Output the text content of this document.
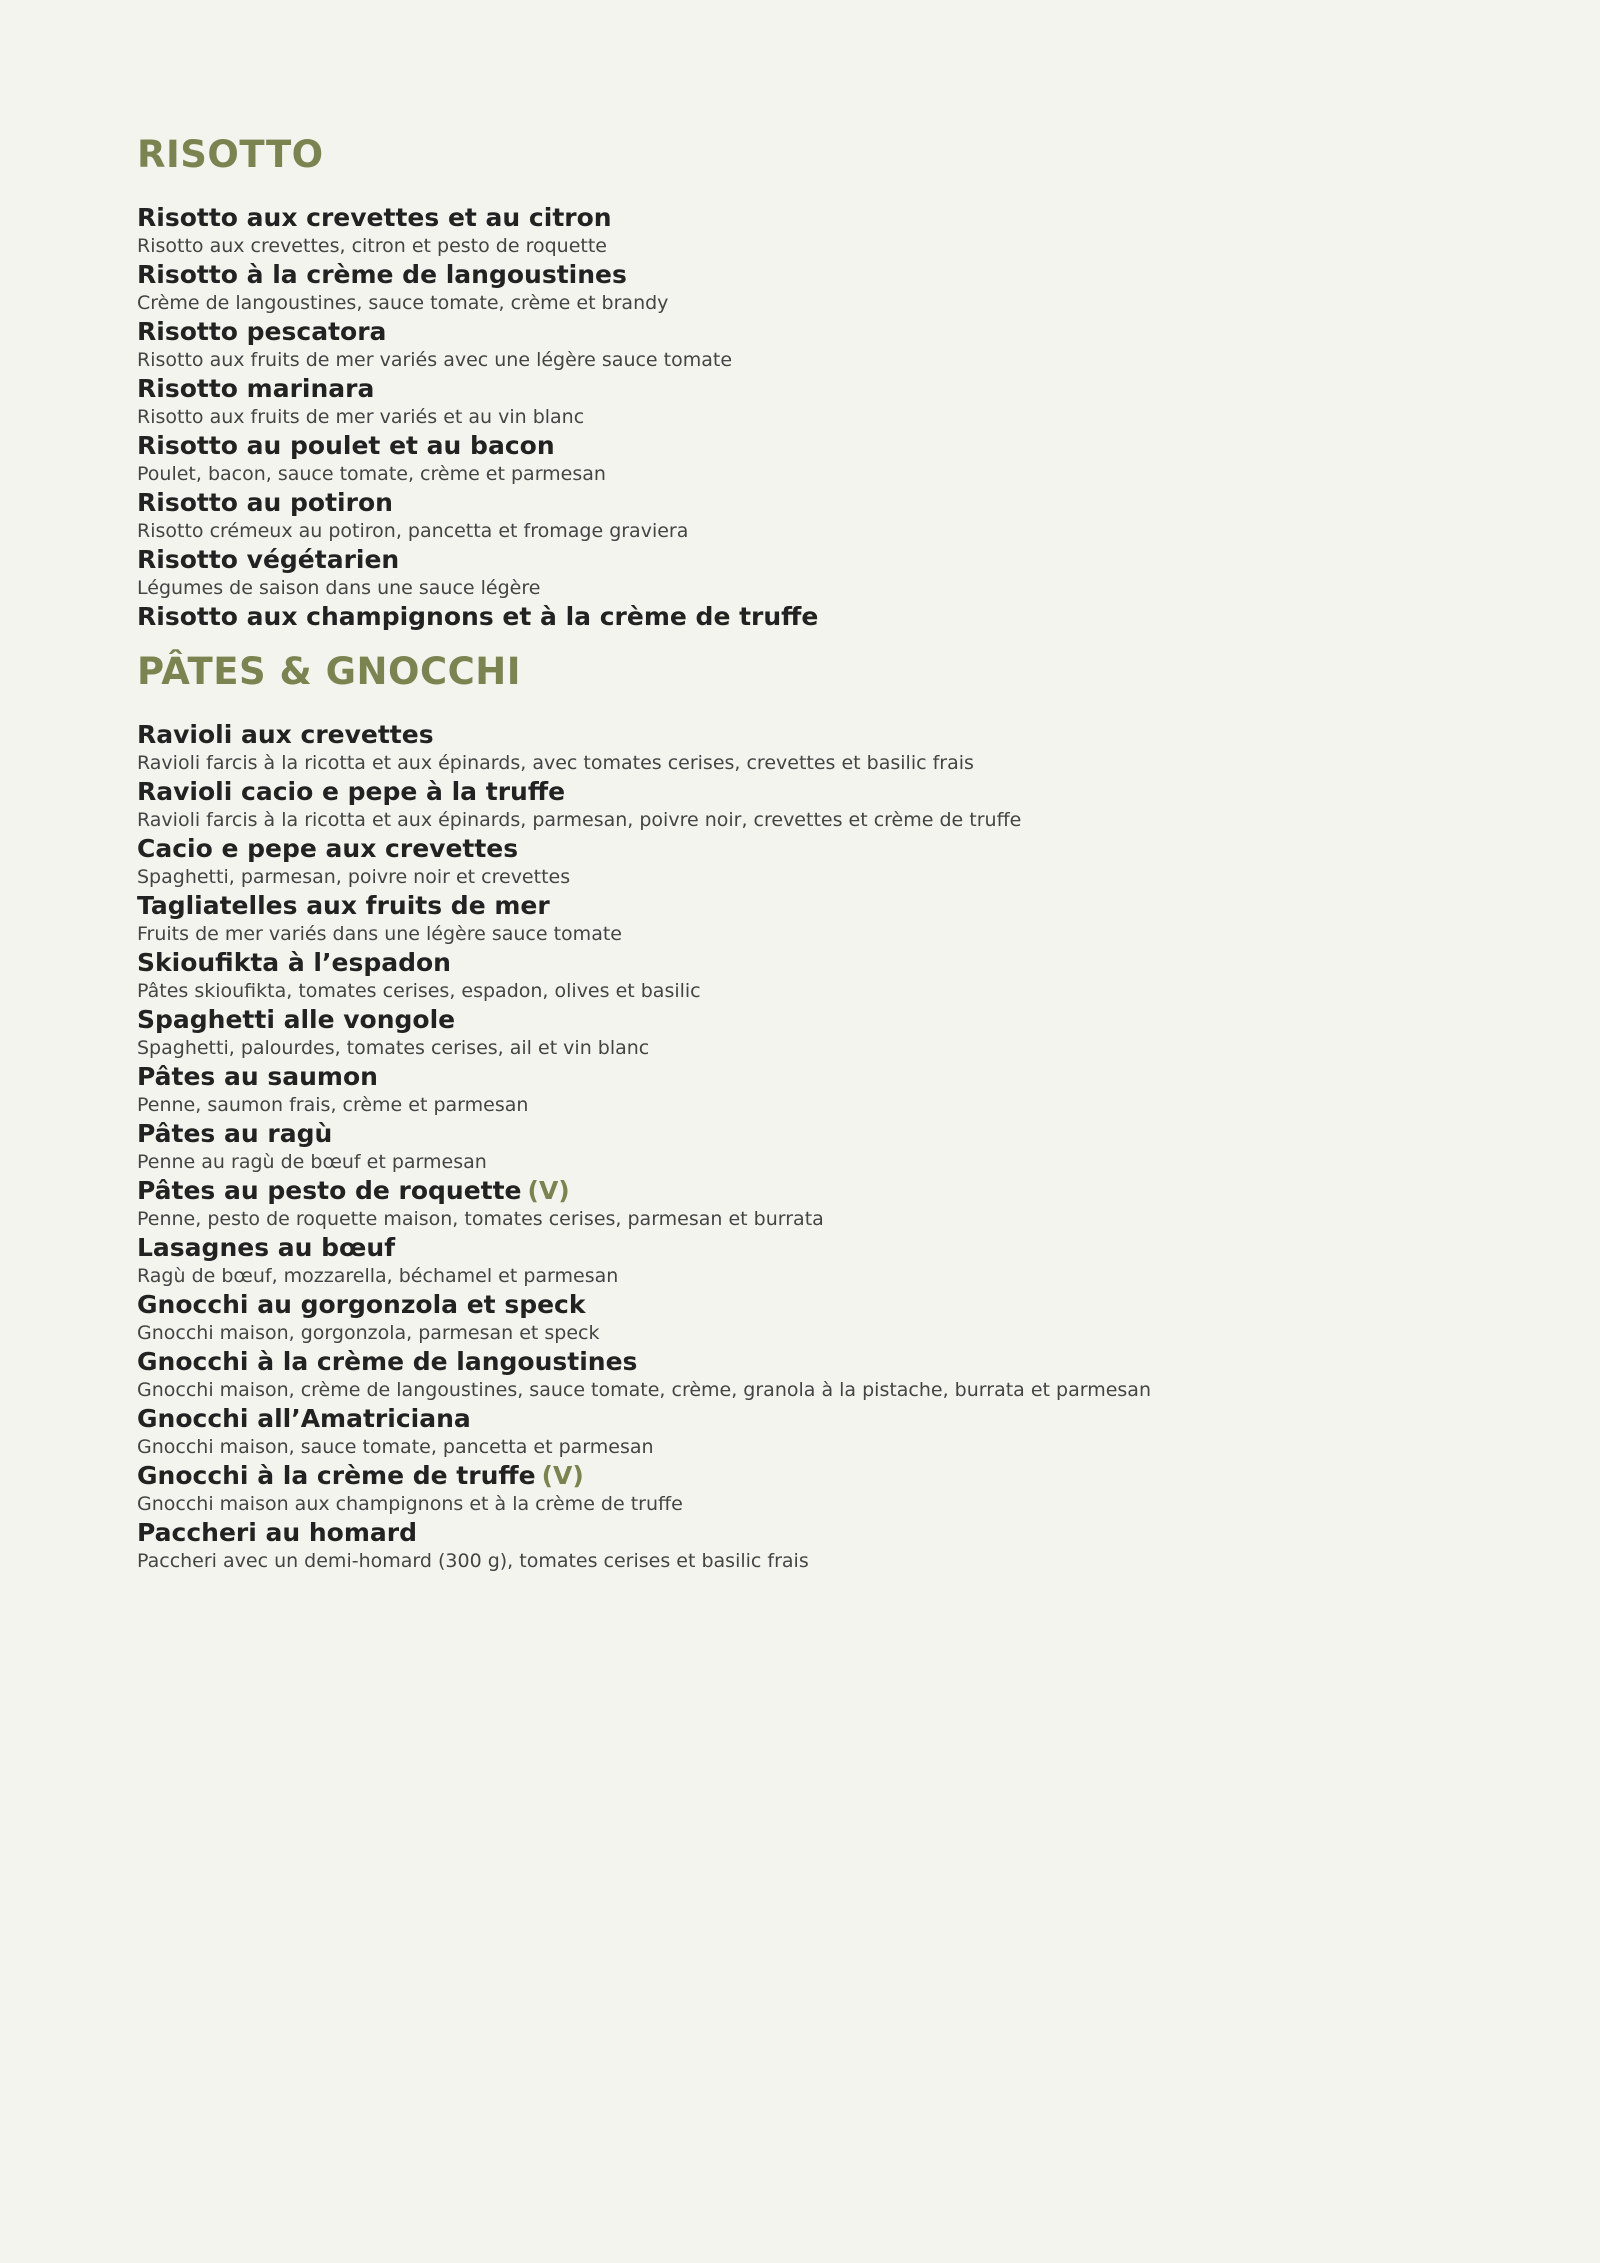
RISOTTO
Risotto aux crevettes et au citron
Risotto aux crevettes, citron et pesto de roquette
Risotto à la crème de langoustines
Crème de langoustines, sauce tomate, crème et brandy
Risotto pescatora
Risotto aux fruits de mer variés avec une légère sauce tomate
Risotto marinara
Risotto aux fruits de mer variés et au vin blanc
Risotto au poulet et au bacon
Poulet, bacon, sauce tomate, crème et parmesan
Risotto au potiron
Risotto crémeux au potiron, pancetta et fromage graviera
Risotto végétarien
Légumes de saison dans une sauce légère
Risotto aux champignons et à la crème de truffe
PÂTES & GNOCCHI
Ravioli aux crevettes
Ravioli farcis à la ricotta et aux épinards, avec tomates cerises, crevettes et basilic frais
Ravioli cacio e pepe à la truffe
Ravioli farcis à la ricotta et aux épinards, parmesan, poivre noir, crevettes et crème de truffe
Cacio e pepe aux crevettes
Spaghetti, parmesan, poivre noir et crevettes
Tagliatelles aux fruits de mer
Fruits de mer variés dans une légère sauce tomate
Skioufikta à l’espadon
Pâtes skioufikta, tomates cerises, espadon, olives et basilic
Spaghetti alle vongole
Spaghetti, palourdes, tomates cerises, ail et vin blanc
Pâtes au saumon
Penne, saumon frais, crème et parmesan
Pâtes au ragù
Penne au ragù de bœuf et parmesan
Pâtes au pesto de roquette (V)
Penne, pesto de roquette maison, tomates cerises, parmesan et burrata
Lasagnes au bœuf
Ragù de bœuf, mozzarella, béchamel et parmesan
Gnocchi au gorgonzola et speck
Gnocchi maison, gorgonzola, parmesan et speck
Gnocchi à la crème de langoustines
Gnocchi maison, crème de langoustines, sauce tomate, crème, granola à la pistache, burrata et parmesan
Gnocchi all’Amatriciana
Gnocchi maison, sauce tomate, pancetta et parmesan
Gnocchi à la crème de truffe (V)
Gnocchi maison aux champignons et à la crème de truffe
Paccheri au homard
Paccheri avec un demi-homard (300 g), tomates cerises et basilic frais
